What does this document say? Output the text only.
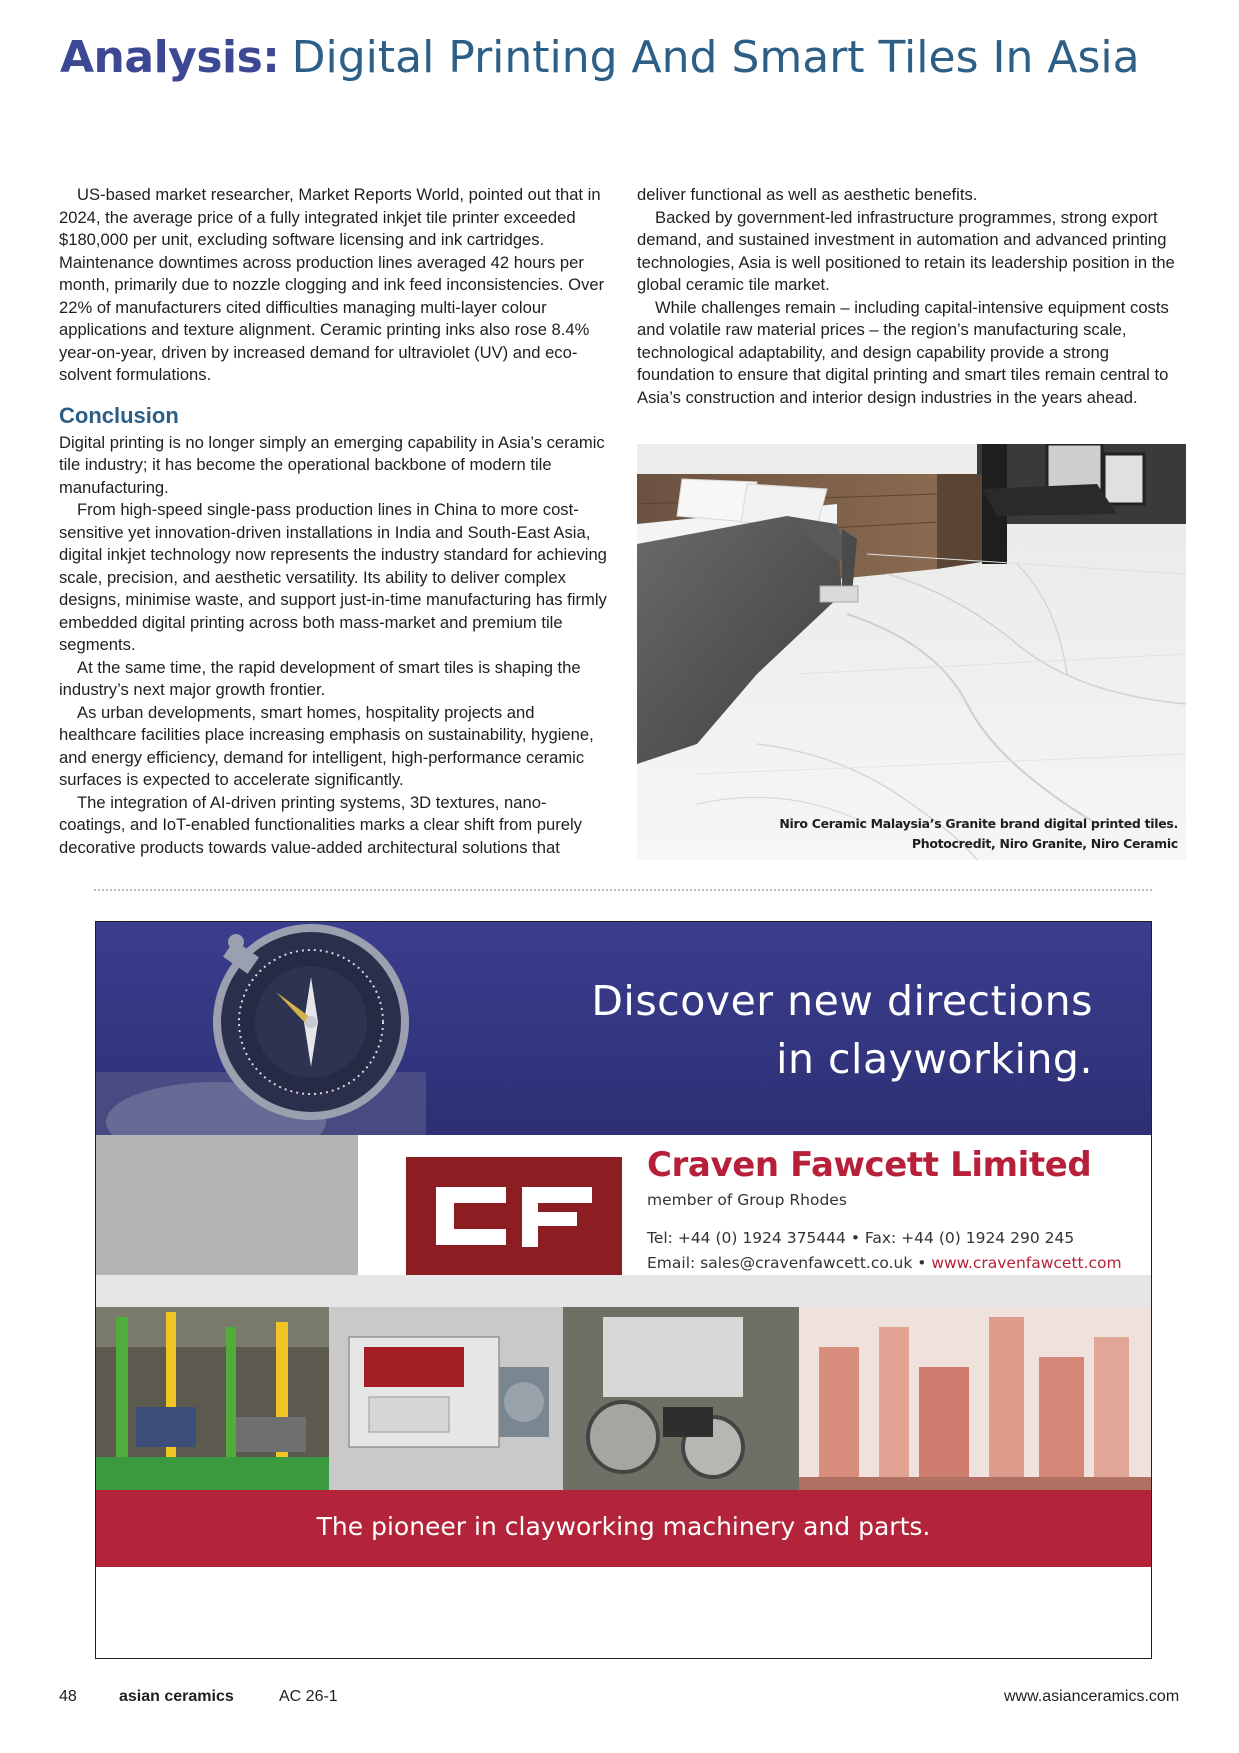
Analysis: Digital Printing And Smart Tiles In Asia

US-based market researcher, Market Reports World, pointed out that in 2024, the average price of a fully integrated inkjet tile printer exceeded $180,000 per unit, excluding software licensing and ink cartridges. Maintenance downtimes across production lines averaged 42 hours per month, primarily due to nozzle clogging and ink feed inconsistencies. Over 22% of manufacturers cited difficulties managing multi-layer colour applications and texture alignment. Ceramic printing inks also rose 8.4% year-on-year, driven by increased demand for ultraviolet (UV) and eco-solvent formulations.

Conclusion

Digital printing is no longer simply an emerging capability in Asia’s ceramic tile industry; it has become the operational backbone of modern tile manufacturing.

From high-speed single-pass production lines in China to more cost-sensitive yet innovation-driven installations in India and South-East Asia, digital inkjet technology now represents the industry standard for achieving scale, precision, and aesthetic versatility. Its ability to deliver complex designs, minimise waste, and support just-in-time manufacturing has firmly embedded digital printing across both mass-market and premium tile segments.

At the same time, the rapid development of smart tiles is shaping the industry’s next major growth frontier.

As urban developments, smart homes, hospitality projects and healthcare facilities place increasing emphasis on sustainability, hygiene, and energy efficiency, demand for intelligent, high-performance ceramic surfaces is expected to accelerate significantly.

The integration of AI-driven printing systems, 3D textures, nano-coatings, and IoT-enabled functionalities marks a clear shift from purely decorative products towards value-added architectural solutions that

deliver functional as well as aesthetic benefits.

Backed by government-led infrastructure programmes, strong export demand, and sustained investment in automation and advanced printing technologies, Asia is well positioned to retain its leadership position in the global ceramic tile market.

While challenges remain – including capital-intensive equipment costs and volatile raw material prices – the region’s manufacturing scale, technological adaptability, and design capability provide a strong foundation to ensure that digital printing and smart tiles remain central to Asia’s construction and interior design industries in the years ahead.

Niro Ceramic Malaysia’s Granite brand digital printed tiles.
Photocredit, Niro Granite, Niro Ceramic
Discover new directions
in clayworking.
Craven Fawcett Limited
member of Group Rhodes
Tel: +44 (0) 1924 375444 • Fax: +44 (0) 1924 290 245
Email: sales@cravenfawcett.co.uk • www.cravenfawcett.com
The pioneer in clayworking machinery and parts.
48	asian ceramics	AC 26-1	www.asianceramics.com
